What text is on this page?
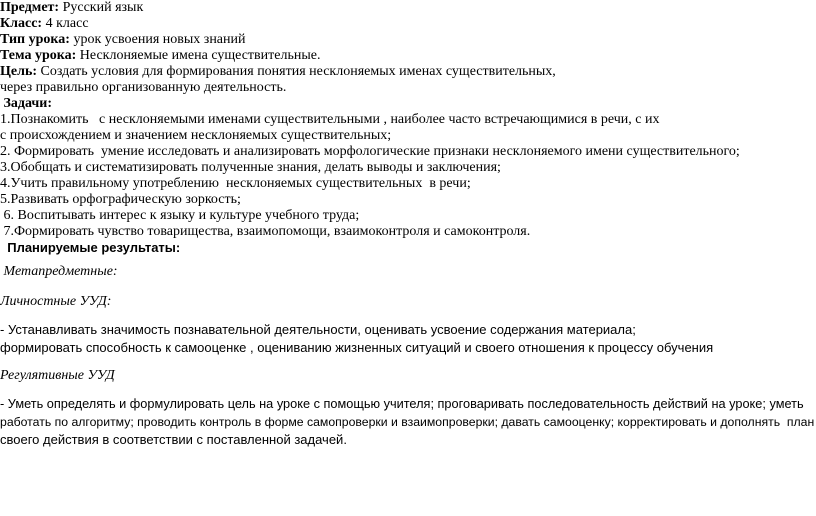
Предмет: Русский язык
Класс: 4 класс
Тип урока: урок усвоения новых знаний
Тема урока: Несклоняемые имена существительные.
Цель: Создать условия для формирования понятия несклоняемых именах существительных,
через правильно организованную деятельность.
Задачи:
1.Познакомить   с несклоняемыми именами существительными , наиболее часто встречающимися в речи, с их
с происхождением и значением несклоняемых существительных;
2. Формировать  умение исследовать и анализировать морфологические признаки несклоняемого имени существительного;
3.Обобщать и систематизировать полученные знания, делать выводы и заключения;
4.Учить правильному употреблению  несклоняемых существительных  в речи;
5.Развивать орфографическую зоркость;
6. Воспитывать интерес к языку и культуре учебного труда;
7.Формировать чувство товарищества, взаимопомощи, взаимоконтроля и самоконтроля.
Планируемые результаты:
Метапредметные:
Личностные УУД:
- Устанавливать значимость познавательной деятельности, оценивать усвоение содержания материала;
формировать способность к самооценке , оцениванию жизненных ситуаций и своего отношения к процессу обучения
Регулятивные УУД
- Уметь определять и формулировать цель на уроке с помощью учителя; проговаривать последовательность действий на уроке; уметь
работать по алгоритму; проводить контроль в форме самопроверки и взаимопроверки; давать самооценку; корректировать и дополнять  план
своего действия в соответствии с поставленной задачей.
